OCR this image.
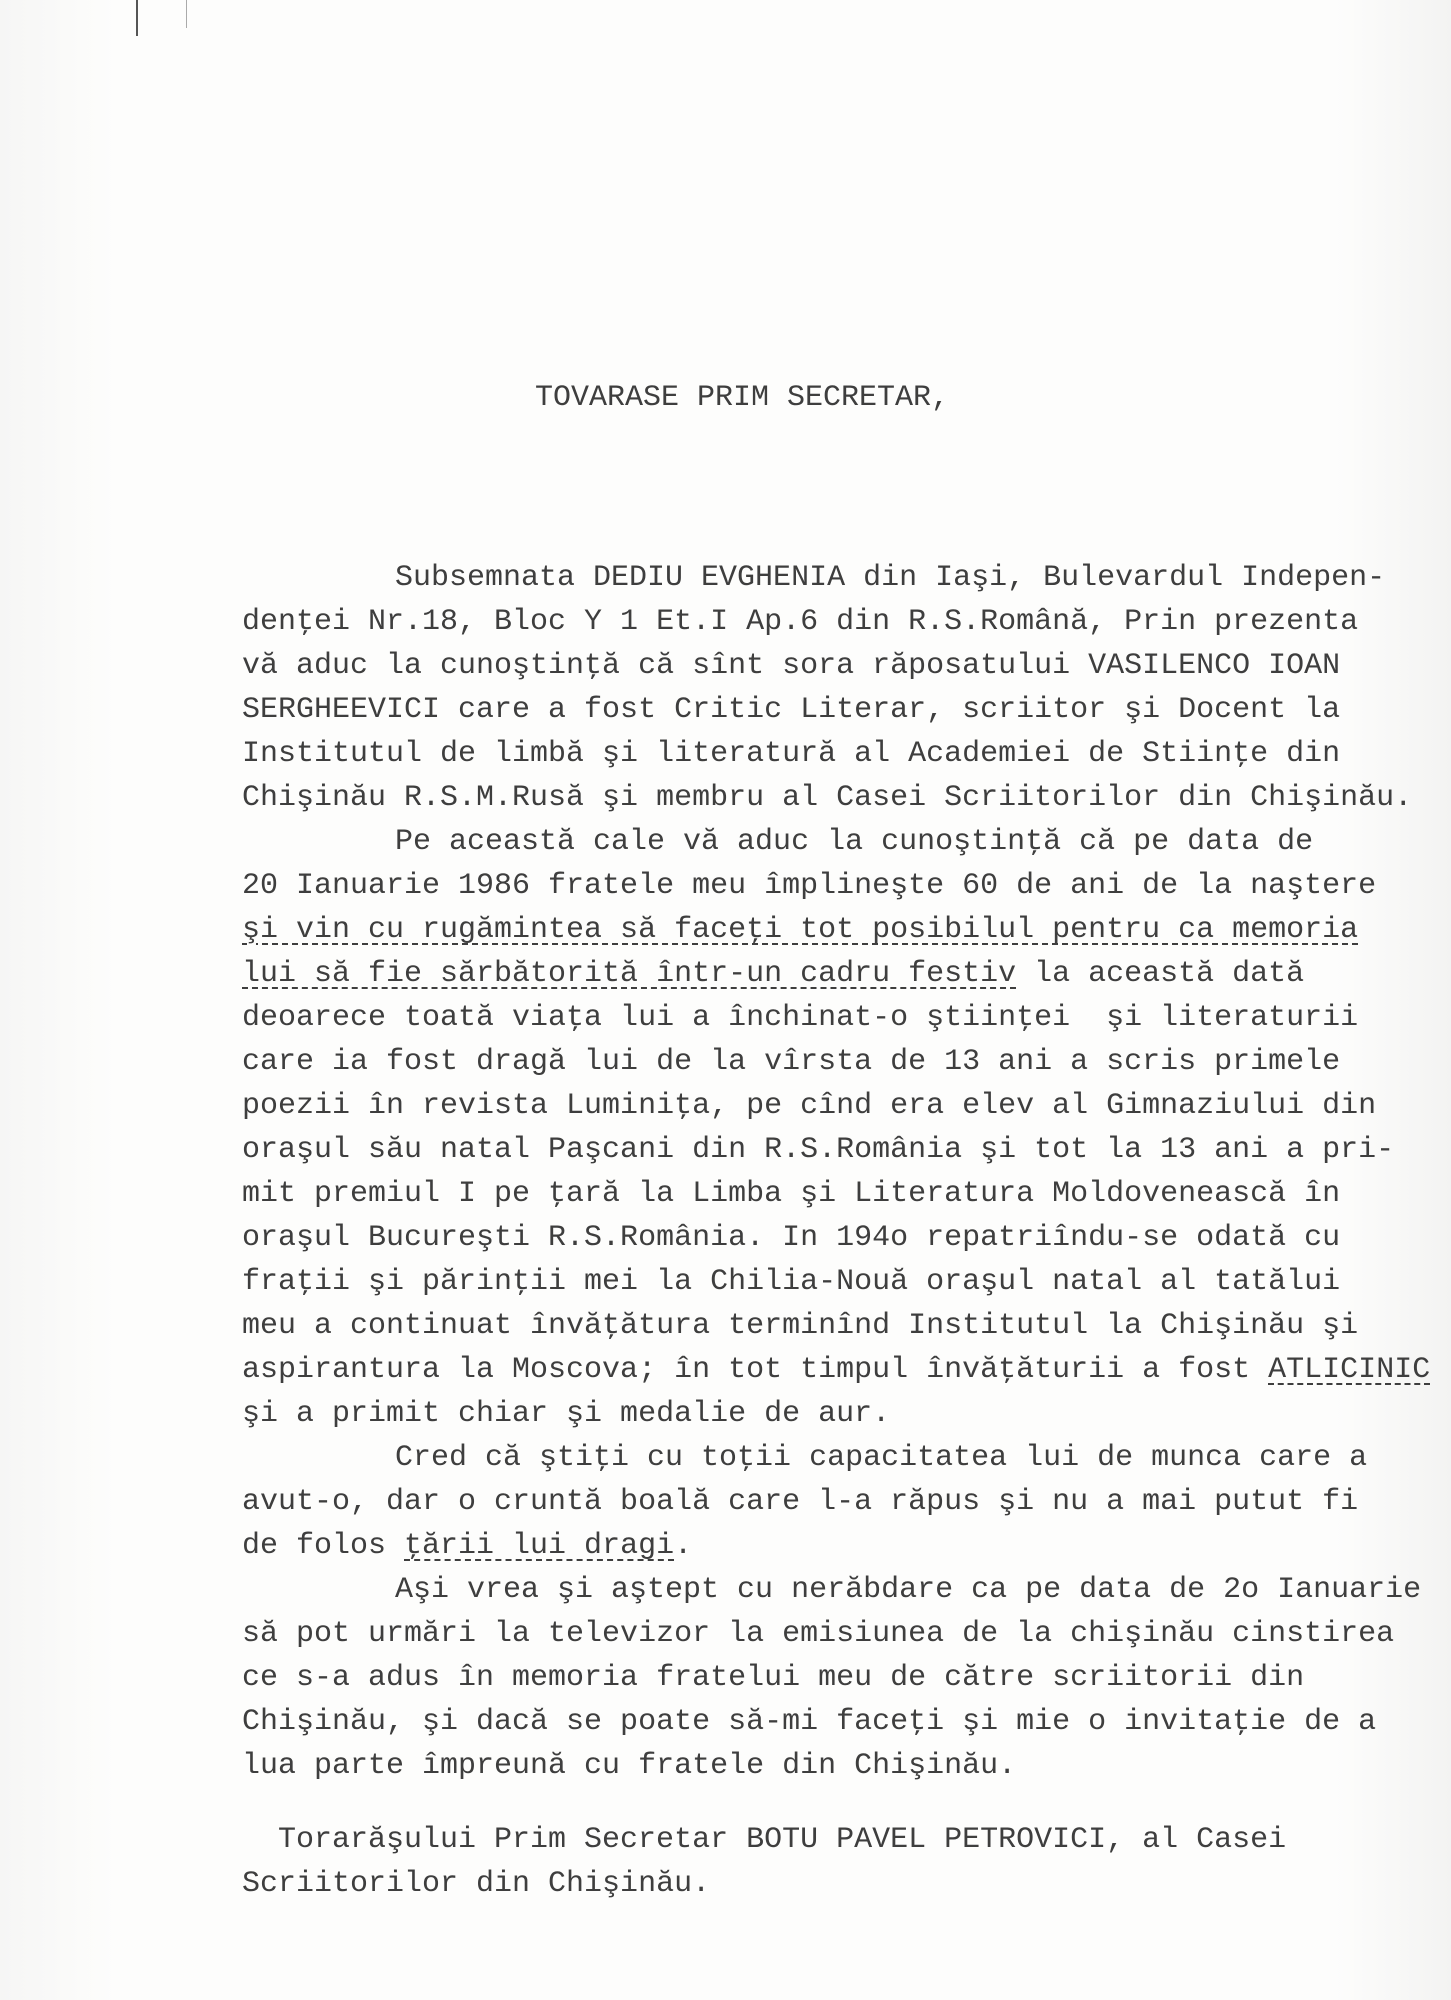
TOVARASE PRIM SECRETAR,
Subsemnata DEDIU EVGHENIA din Iaşi, Bulevardul Indepen-
denţei Nr.18, Bloc Y 1 Et.I Ap.6 din R.S.Română, Prin prezenta
vă aduc la cunoştinţă că sînt sora răposatului VASILENCO IOAN
SERGHEEVICI care a fost Critic Literar, scriitor şi Docent la
Institutul de limbă şi literatură al Academiei de Stiinţe din
Chişinău R.S.M.Rusă şi membru al Casei Scriitorilor din Chişinău.
Pe această cale vă aduc la cunoştinţă că pe data de
20 Ianuarie 1986 fratele meu împlineşte 60 de ani de la naştere
şi vin cu rugămintea să faceţi tot posibilul pentru ca memoria
lui să fie sărbătorită într-un cadru festiv la această dată
deoarece toată viaţa lui a închinat-o ştiinţei  şi literaturii
care ia fost dragă lui de la vîrsta de 13 ani a scris primele
poezii în revista Luminiţa, pe cînd era elev al Gimnaziului din
oraşul său natal Paşcani din R.S.România şi tot la 13 ani a pri-
mit premiul I pe ţară la Limba şi Literatura Moldovenească în
oraşul Bucureşti R.S.România. In 194o repatriîndu-se odată cu
fraţii şi părinţii mei la Chilia-Nouă oraşul natal al tatălui
meu a continuat învăţătura terminînd Institutul la Chişinău şi
aspirantura la Moscova; în tot timpul învăţăturii a fost ATLICINIC
şi a primit chiar şi medalie de aur.
Cred că ştiţi cu toţii capacitatea lui de munca care a
avut-o, dar o cruntă boală care l-a răpus şi nu a mai putut fi
de folos ţării lui dragi.
Aşi vrea şi aştept cu nerăbdare ca pe data de 2o Ianuarie
să pot urmări la televizor la emisiunea de la chişinău cinstirea
ce s-a adus în memoria fratelui meu de către scriitorii din
Chişinău, şi dacă se poate să-mi faceţi şi mie o invitaţie de a
lua parte împreună cu fratele din Chişinău.
Torarăşului Prim Secretar BOTU PAVEL PETROVICI, al Casei
Scriitorilor din Chişinău.
